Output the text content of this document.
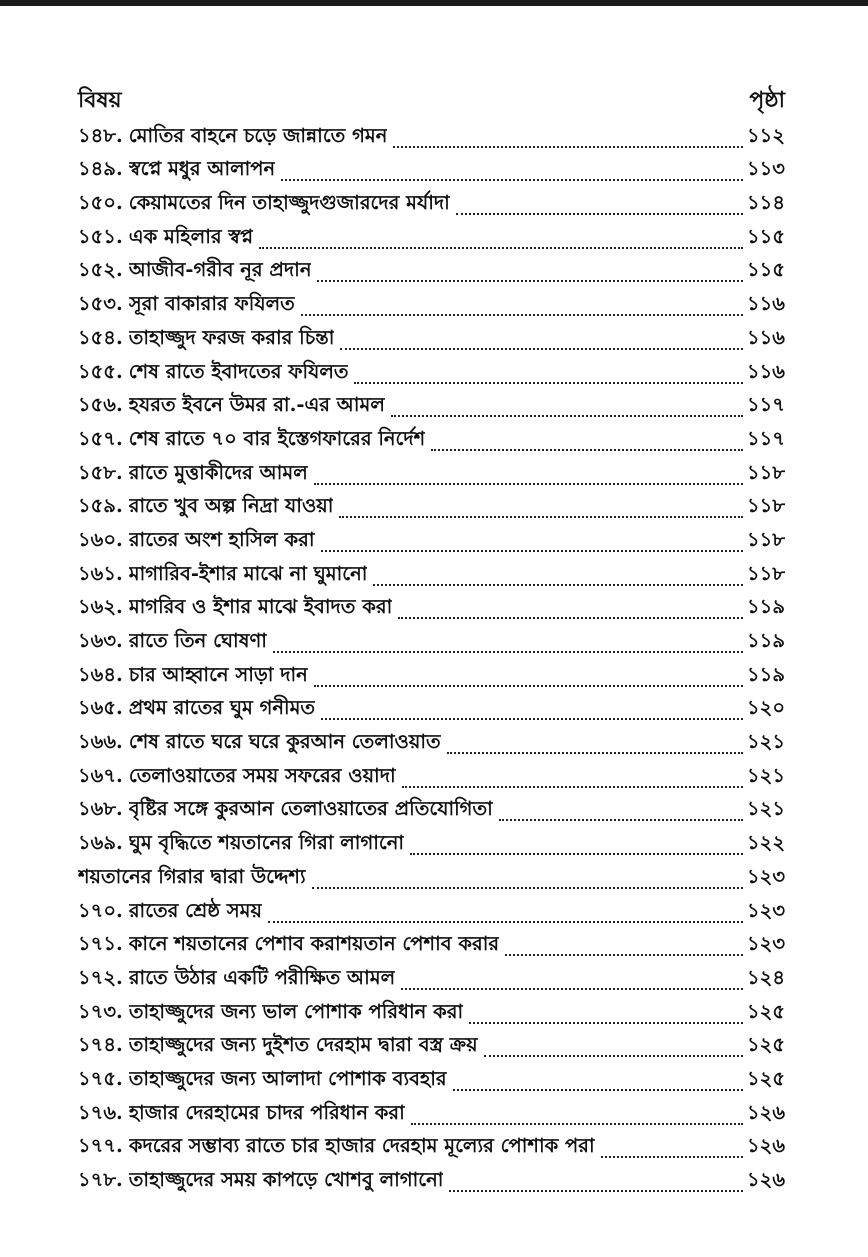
বিষয়	পৃষ্ঠা
১৪৮. মোতির বাহনে চড়ে জান্নাতে গমন	১১২
১৪৯. স্বপ্নে মধুর আলাপন	১১৩
১৫০. কেয়ামতের দিন তাহাজ্জুদগুজারদের মর্যাদা	১১৪
১৫১. এক মহিলার স্বপ্ন	১১৫
১৫২. আজীব-গরীব নূর প্রদান	১১৫
১৫৩. সূরা বাকারার ফযিলত	১১৬
১৫৪. তাহাজ্জুদ ফরজ করার চিন্তা	১১৬
১৫৫. শেষ রাতে ইবাদতের ফযিলত	১১৬
১৫৬. হযরত ইবনে উমর রা.-এর আমল	১১৭
১৫৭. শেষ রাতে ৭০ বার ইস্তেগফারের নির্দেশ	১১৭
১৫৮. রাতে মুত্তাকীদের আমল	১১৮
১৫৯. রাতে খুব অল্প নিদ্রা যাওয়া	১১৮
১৬০. রাতের অংশ হাসিল করা	১১৮
১৬১. মাগারিব-ইশার মাঝে না ঘুমানো	১১৮
১৬২. মাগরিব ও ইশার মাঝে ইবাদত করা	১১৯
১৬৩. রাতে তিন ঘোষণা	১১৯
১৬৪. চার আহ্বানে সাড়া দান	১১৯
১৬৫. প্রথম রাতের ঘুম গনীমত	১২০
১৬৬. শেষ রাতে ঘরে ঘরে কুরআন তেলাওয়াত	১২১
১৬৭. তেলাওয়াতের সময় সফরের ওয়াদা	১২১
১৬৮. বৃষ্টির সঙ্গে কুরআন তেলাওয়াতের প্রতিযোগিতা	১২১
১৬৯. ঘুম বৃদ্ধিতে শয়তানের গিরা লাগানো	১২২
শয়তানের গিরার দ্বারা উদ্দেশ্য	১২৩
১৭০. রাতের শ্রেষ্ঠ সময়	১২৩
১৭১. কানে শয়তানের পেশাব করাশয়তান পেশাব করার	১২৩
১৭২. রাতে উঠার একটি পরীক্ষিত আমল	১২৪
১৭৩. তাহাজ্জুদের জন্য ভাল পোশাক পরিধান করা	১২৫
১৭৪. তাহাজ্জুদের জন্য দুইশত দেরহাম দ্বারা বস্ত্র ক্রয়	১২৫
১৭৫. তাহাজ্জুদের জন্য আলাদা পোশাক ব্যবহার	১২৫
১৭৬. হাজার দেরহামের চাদর পরিধান করা	১২৬
১৭৭. কদরের সম্ভাব্য রাতে চার হাজার দেরহাম মূল্যের পোশাক পরা	১২৬
১৭৮. তাহাজ্জুদের সময় কাপড়ে খোশবু লাগানো	১২৬
